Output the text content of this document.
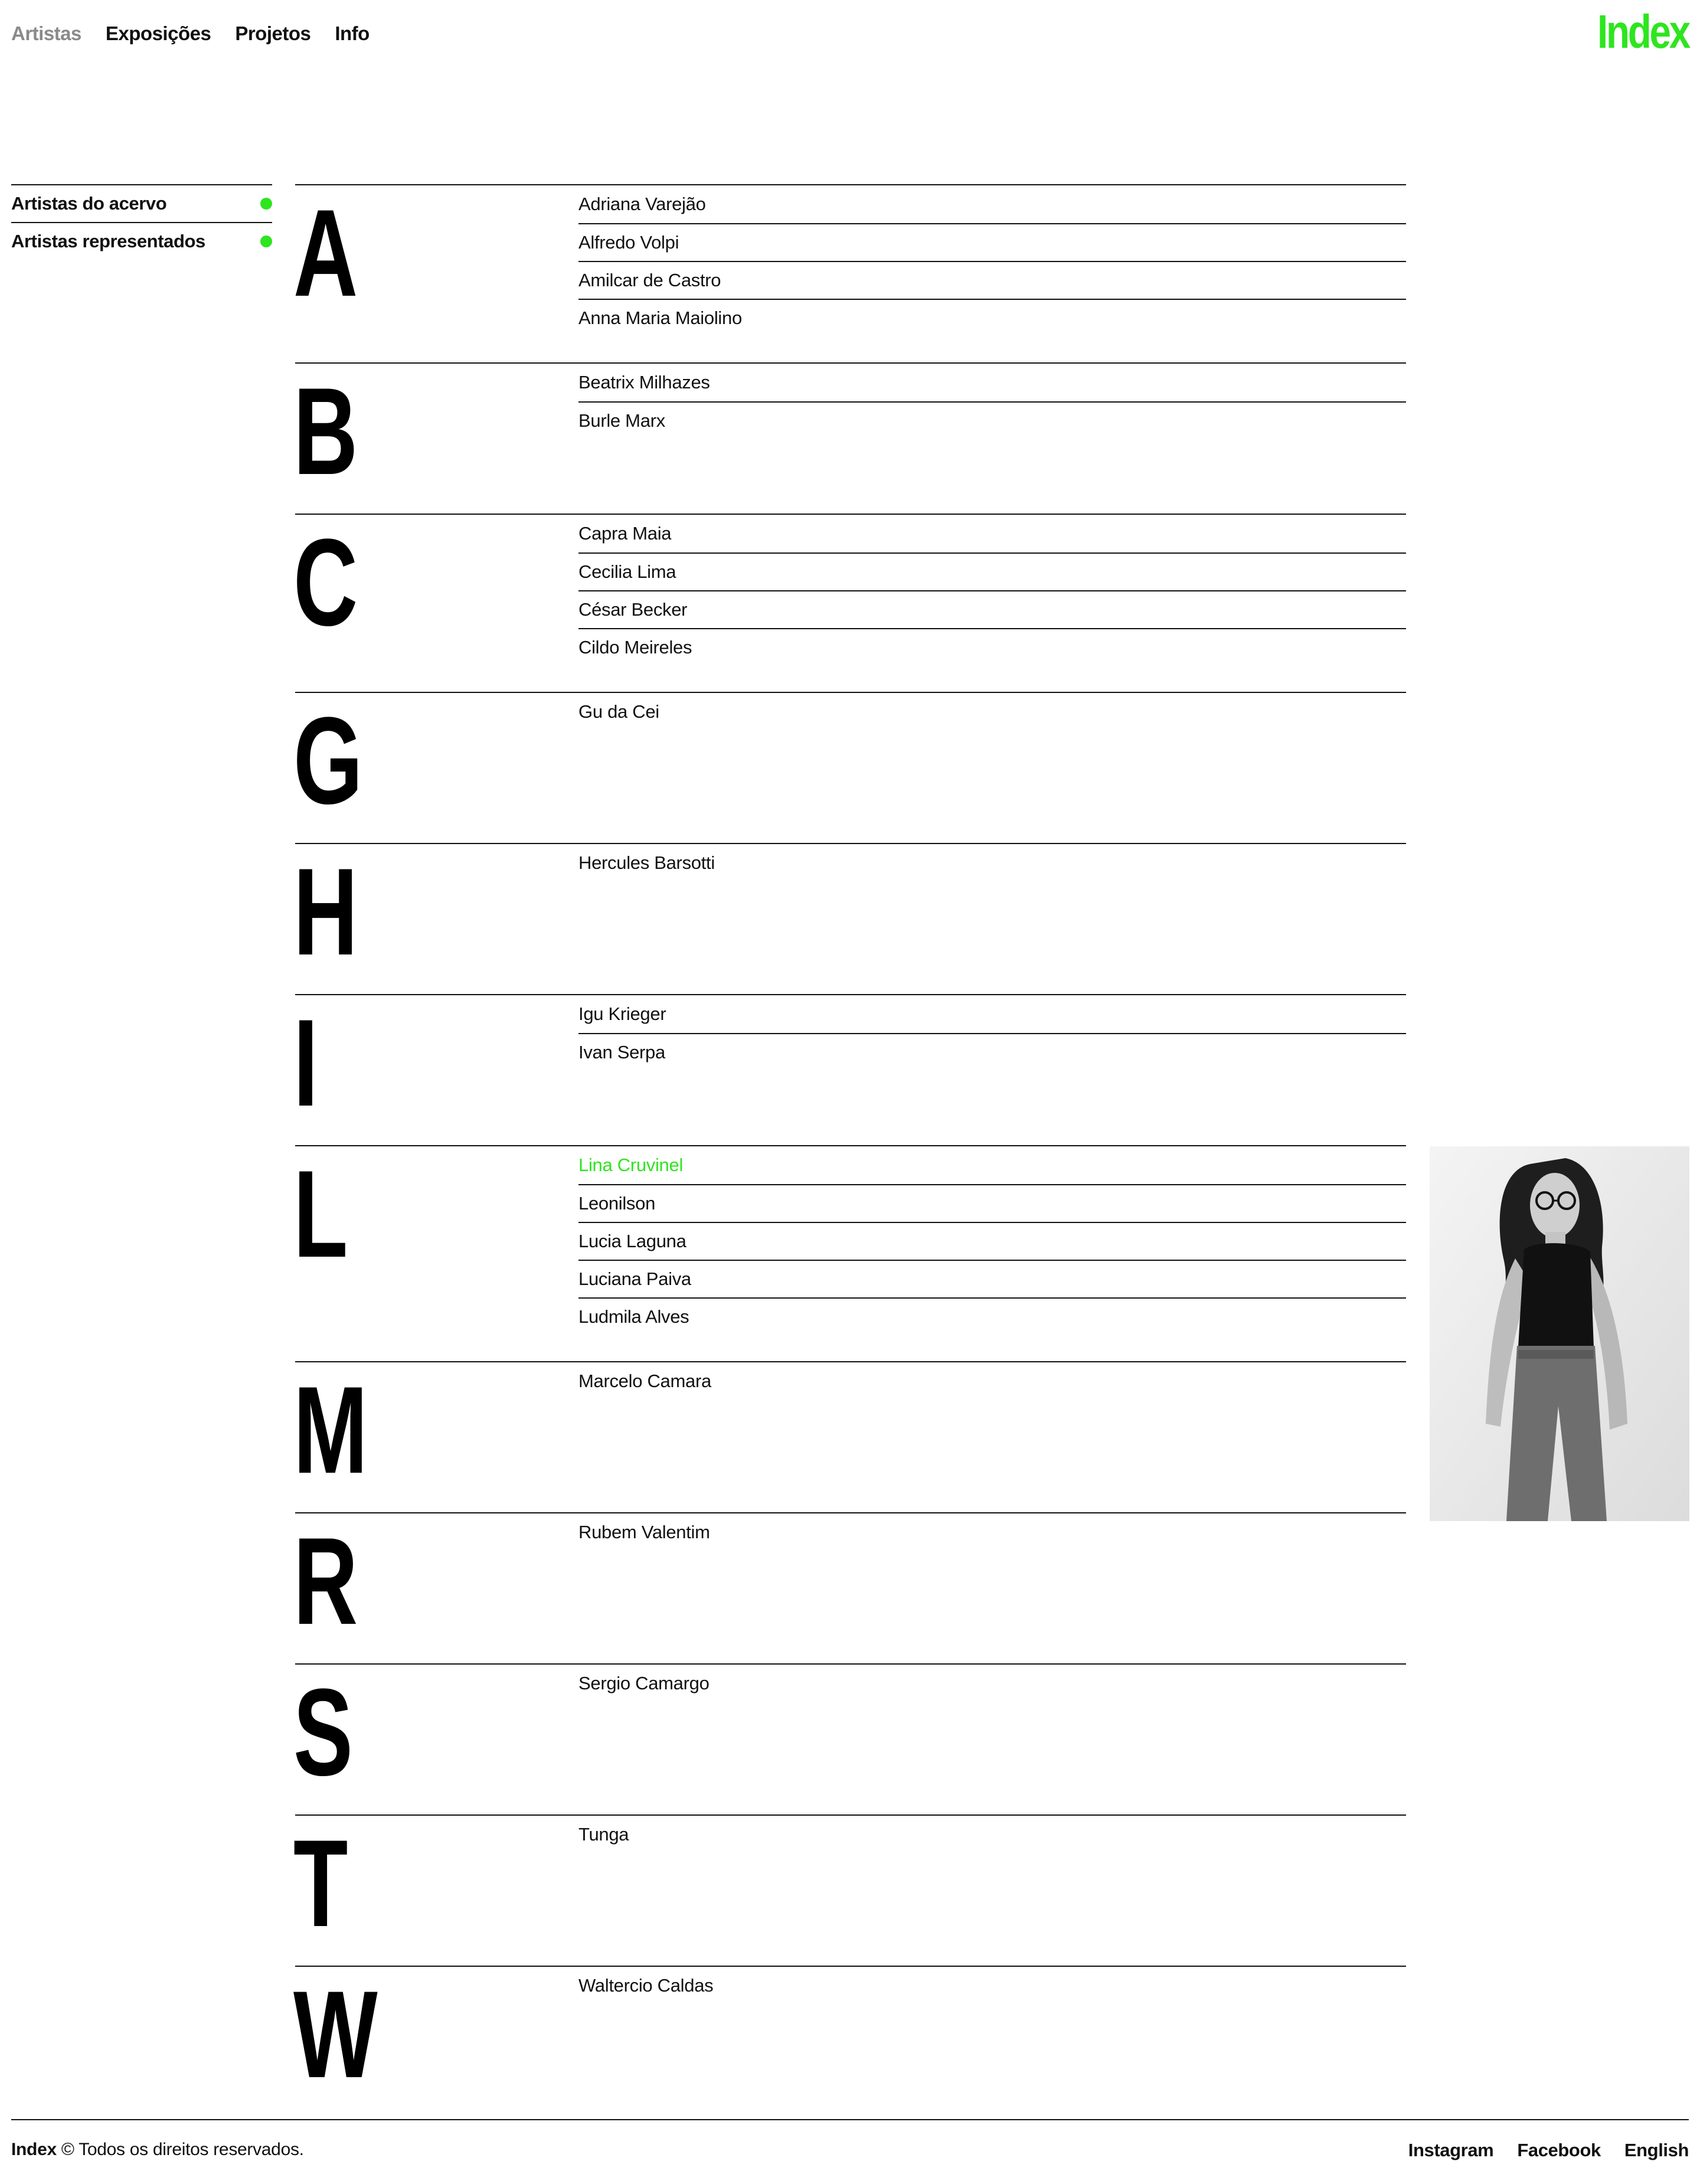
Artistas Exposições Projetos Info	Index
Artistas do acervo
Artistas representados A	Adriana Varejão
Alfredo Volpi
Amilcar de Castro
Anna Maria Maiolino
B	Beatrix Milhazes
Burle Marx
C	Capra Maia
Cecilia Lima
César Becker
Cildo Meireles
G	Gu da Cei
H	Hercules Barsotti
I	Igu Krieger
Ivan Serpa
L	Lina Cruvinel
Leonilson
Lucia Laguna
Luciana Paiva
Ludmila Alves
M	Marcelo Camara
R	Rubem Valentim
S	Sergio Camargo
T	Tunga
W	Waltercio Caldas
Index © Todos os direitos reservados.	Instagram Facebook English
